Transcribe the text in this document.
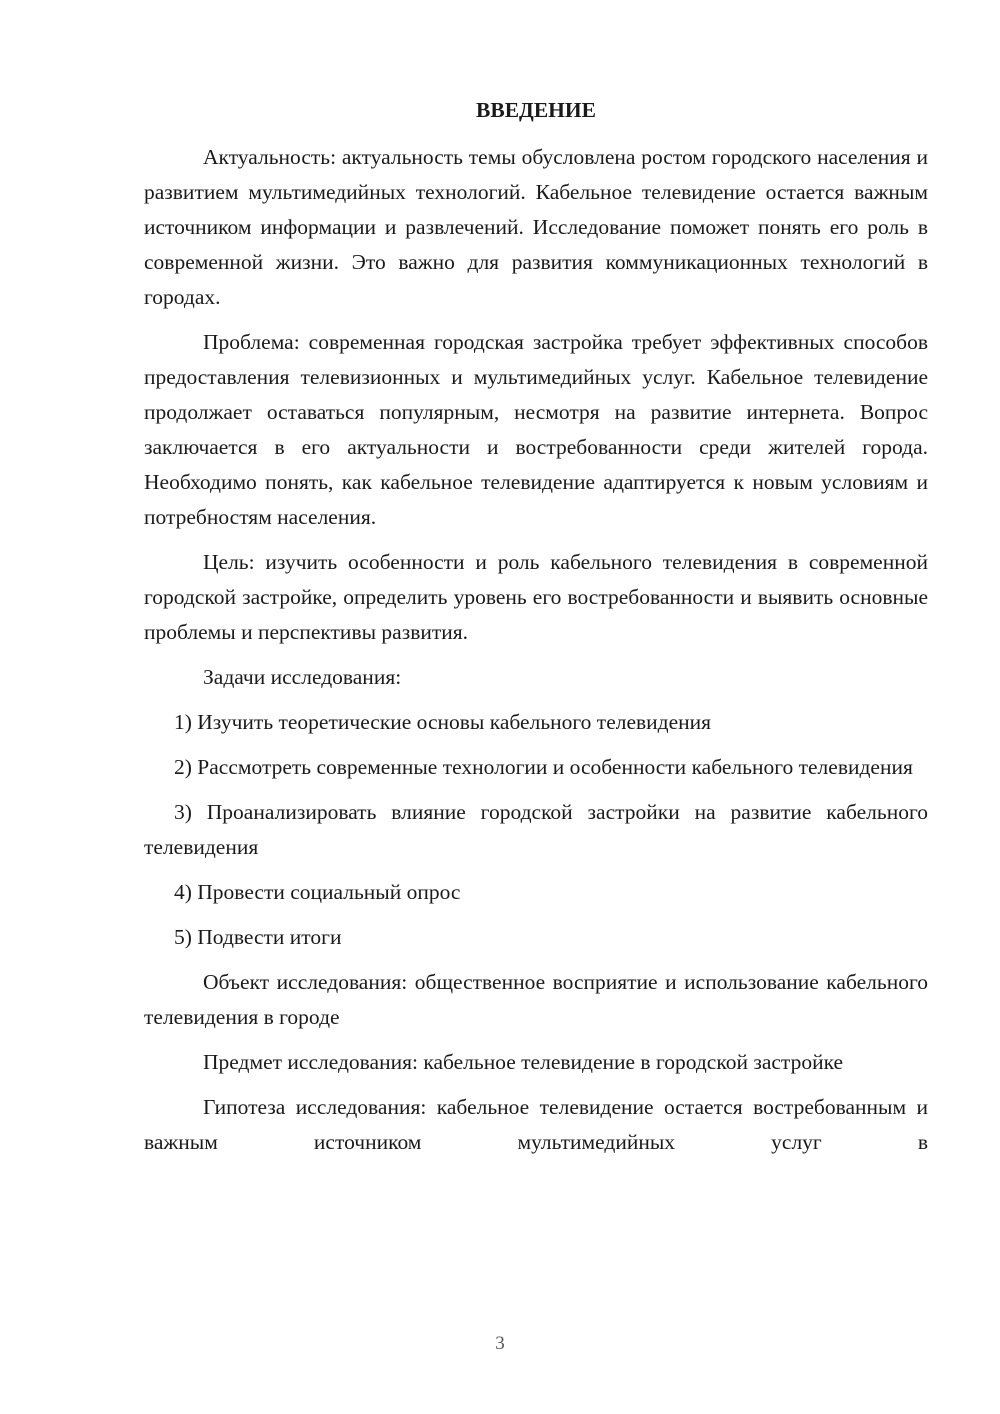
ВВЕДЕНИЕ

Актуальность: актуальность темы обусловлена ростом городского населения и развитием мультимедийных технологий. Кабельное телевидение остается важным источником информации и развлечений. Исследование поможет понять его роль в современной жизни. Это важно для развития коммуникационных технологий в городах.

Проблема: современная городская застройка требует эффективных способов предоставления телевизионных и мультимедийных услуг. Кабельное телевидение продолжает оставаться популярным, несмотря на развитие интернета. Вопрос заключается в его актуальности и востребованности среди жителей города. Необходимо понять, как кабельное телевидение адаптируется к новым условиям и потребностям населения.

Цель: изучить особенности и роль кабельного телевидения в современной городской застройке, определить уровень его востребованности и выявить основные проблемы и перспективы развития.

Задачи исследования:

1) Изучить теоретические основы кабельного телевидения

2) Рассмотреть современные технологии и особенности кабельного телевидения

3) Проанализировать влияние городской застройки на развитие кабельного телевидения

4) Провести социальный опрос

5) Подвести итоги

Объект исследования: общественное восприятие и использование кабельного телевидения в городе

Предмет исследования: кабельное телевидение в городской застройке

Гипотеза исследования: кабельное телевидение остается востребованным и важным источником мультимедийных услуг в

3
